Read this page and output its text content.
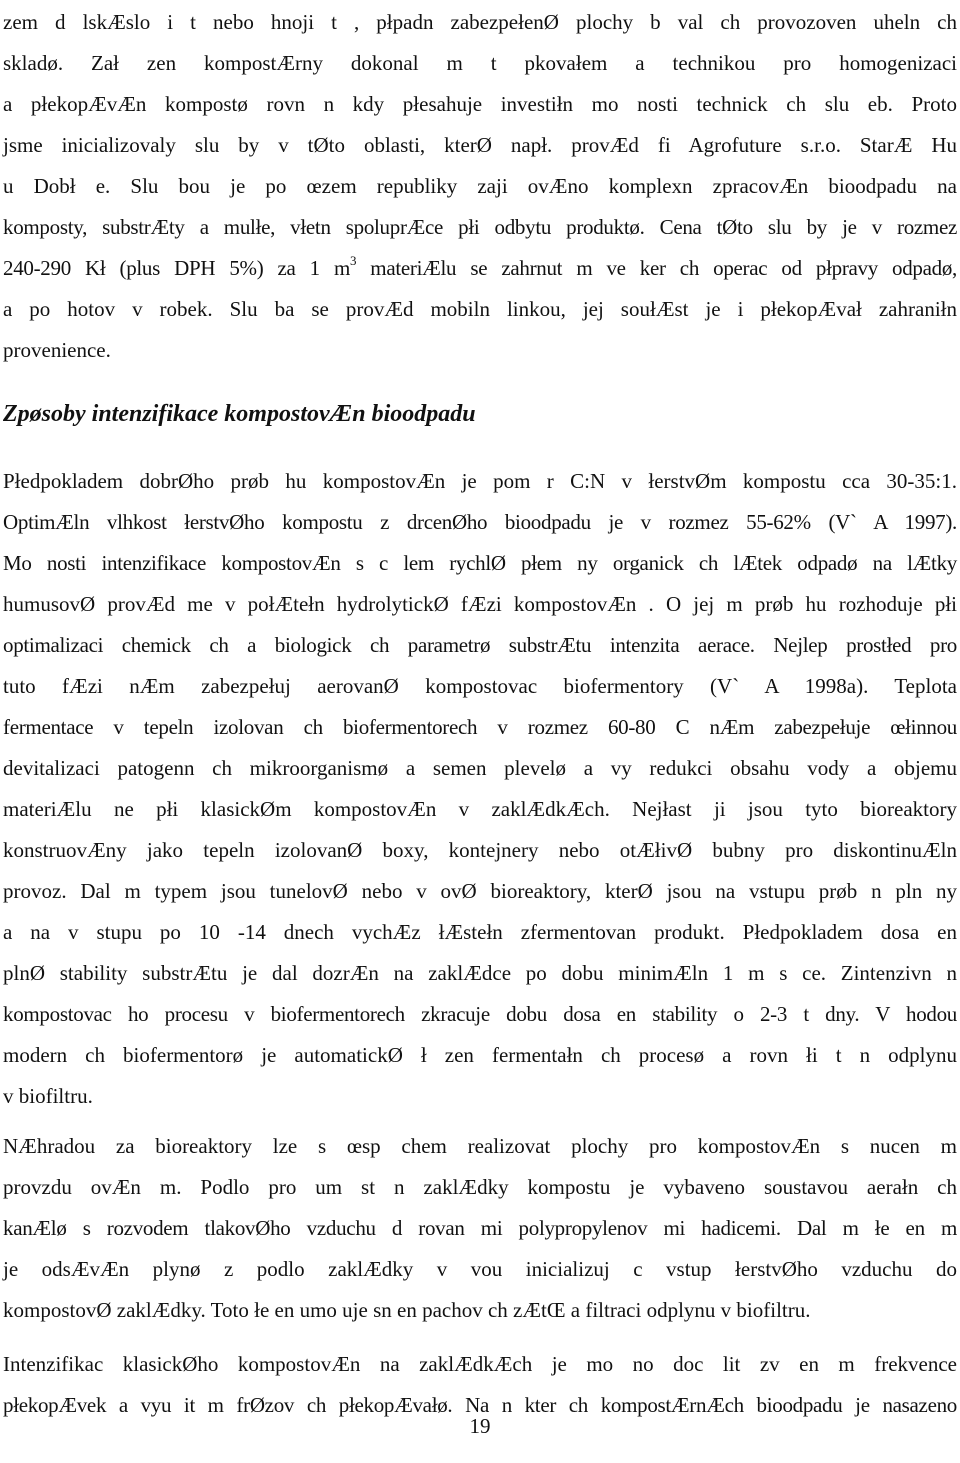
zem d lskÆslo i t nebo hnoji t , płpadn zabezpełenØ plochy b val ch provozoven uheln ch
skladø. Zał zen kompostÆrny dokonal m t pkovałem a technikou pro homogenizaci
a płekopÆvÆn kompostø rovn n kdy płesahuje investiłn mo nosti technick ch slu eb. Proto
jsme inicializovaly slu by v tØto oblasti, kterØ napł. provÆd fi Agrofuture s.r.o. StarÆ Hu
u Dobł e. Slu bou je po œzem republiky zaji ovÆno komplexn zpracovÆn bioodpadu na
komposty, substrÆty a mulłe, vłetn spoluprÆce płi odbytu produktø. Cena tØto slu by je v rozmez
240-290 Kł (plus DPH 5%) za 1 $m^3$ materiÆlu se zahrnut m ve ker ch operac od płpravy odpadø,
a po hotov v robek. Slu ba se provÆd mobiln linkou, jej soułÆst je i płekopÆvał zahraniłn
provenience.
Zpøsoby intenzifikace kompostovÆn bioodpadu
Płedpokladem dobrØho prøb hu kompostovÆn je pom r C:N v łerstvØm kompostu cca 30-35:1.
OptimÆln vlhkost łerstvØho kompostu z drcenØho bioodpadu je v rozmez 55-62% (V` A 1997).
Mo nosti intenzifikace kompostovÆn s c lem rychlØ płem ny organick ch lÆtek odpadø na lÆtky
humusovØ provÆd me v połÆtełn hydrolytickØ fÆzi kompostovÆn . O jej m prøb hu rozhoduje płi
optimalizaci chemick ch a biologick ch parametrø substrÆtu intenzita aerace. Nejlep prostłed pro
tuto fÆzi nÆm zabezpełuj aerovanØ kompostovac biofermentory (V` A 1998a). Teplota
fermentace v tepeln izolovan ch biofermentorech v rozmez 60-80 C nÆm zabezpełuje œłinnou
devitalizaci patogenn ch mikroorganismø a semen plevelø a vy redukci obsahu vody a objemu
materiÆlu ne płi klasickØm kompostovÆn v zaklÆdkÆch. Nejłast ji jsou tyto bioreaktory
konstruovÆny jako tepeln izolovanØ boxy, kontejnery nebo otÆłivØ bubny pro diskontinuÆln
provoz. Dal m typem jsou tunelovØ nebo v ovØ bioreaktory, kterØ jsou na vstupu prøb n pln ny
a na v stupu po 10 -14 dnech vychÆz łÆstełn zfermentovan produkt. Płedpokladem dosa en
plnØ stability substrÆtu je dal dozrÆn na zaklÆdce po dobu minimÆln 1 m s ce. Zintenzivn n
kompostovac ho procesu v biofermentorech zkracuje dobu dosa en stability o 2-3 t dny. V hodou
modern ch biofermentorø je automatickØ ł zen fermentałn ch procesø a rovn łi t n odplynu
v biofiltru.
NÆhradou za bioreaktory lze s œsp chem realizovat plochy pro kompostovÆn s nucen m
provzdu ovÆn m. Podlo pro um st n zaklÆdky kompostu je vybaveno soustavou aerałn ch
kanÆlø s rozvodem tlakovØho vzduchu d rovan mi polypropylenov mi hadicemi. Dal m łe en m
je odsÆvÆn plynø z podlo zaklÆdky v vou inicializuj c vstup łerstvØho vzduchu do
kompostovØ zaklÆdky. Toto łe en umo uje sn en pachov ch zÆtŒ a filtraci odplynu v biofiltru.
Intenzifikac klasickØho kompostovÆn na zaklÆdkÆch je mo no doc lit zv en m frekvence
płekopÆvek a vyu it m frØzov ch płekopÆvałø. Na n kter ch kompostÆrnÆch bioodpadu je nasazeno
19
